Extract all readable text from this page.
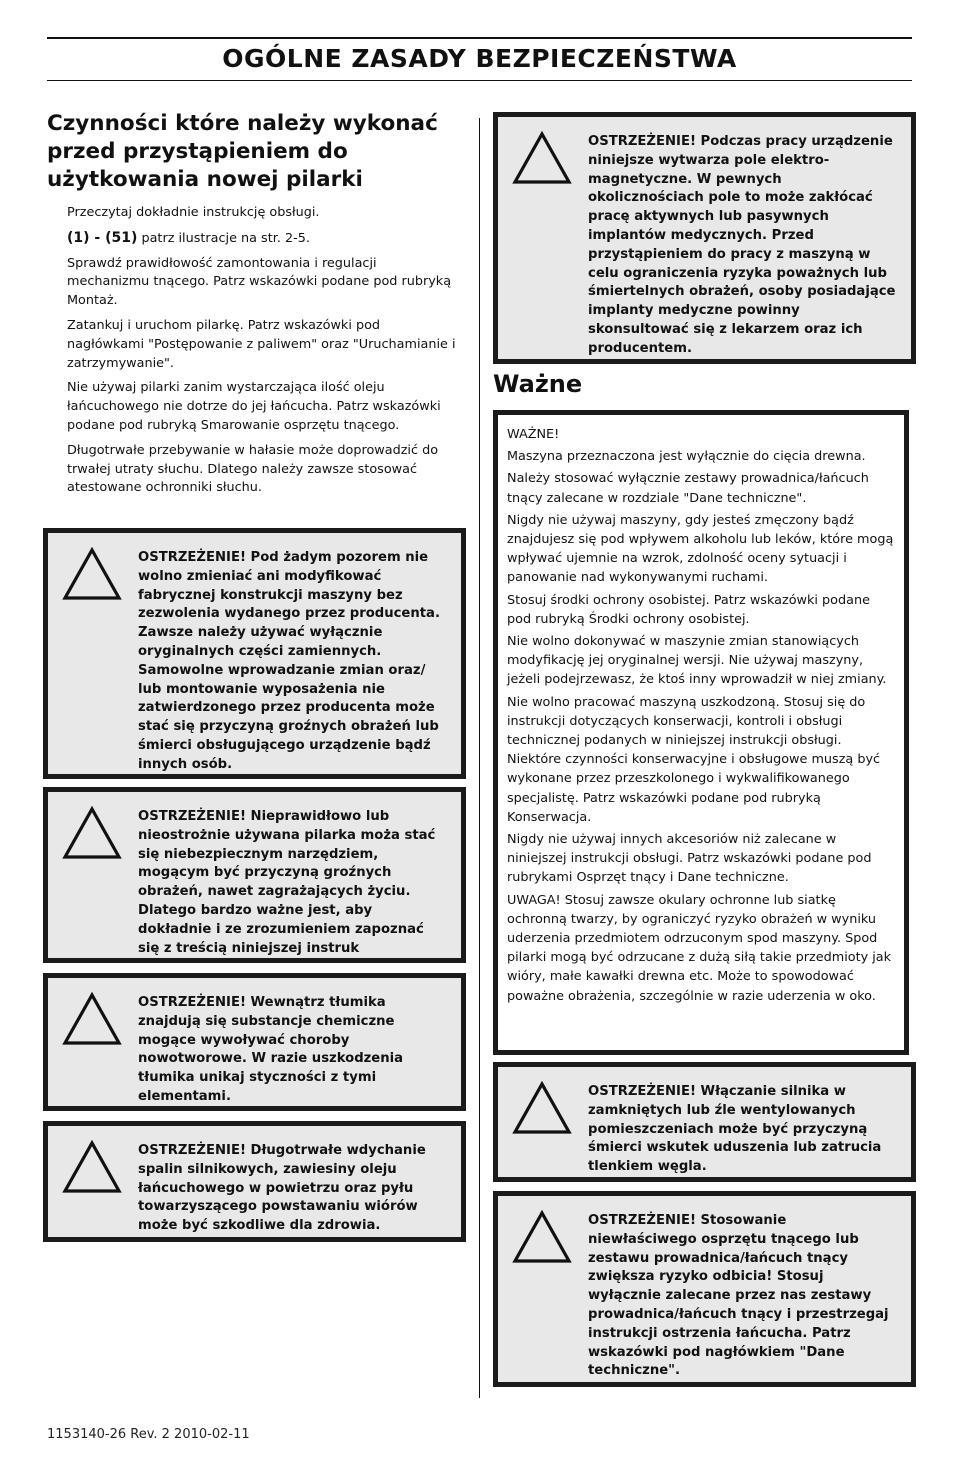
OGÓLNE ZASADY BEZPIECZEŃSTWA
Czynności które należy wykonać przed przystąpieniem do użytkowania nowej pilarki

Przeczytaj dokładnie instrukcję obsługi.

(1) - (51) patrz ilustracje na str. 2-5.

Sprawdź prawidłowość zamontowania i regulacji mechanizmu tnącego. Patrz wskazówki podane pod rubryką Montaż.

Zatankuj i uruchom pilarkę. Patrz wskazówki pod nagłówkami "Postępowanie z paliwem" oraz "Uruchamianie i zatrzymywanie".

Nie używaj pilarki zanim wystarczająca ilość oleju łańcuchowego nie dotrze do jej łańcucha. Patrz wskazówki podane pod rubryką Smarowanie osprzętu tnącego.

Długotrwałe przebywanie w hałasie może doprowadzić do trwałej utraty słuchu. Dlatego należy zawsze stosować atestowane ochronniki słuchu.

OSTRZEŻENIE! Pod żadym pozorem nie wolno zmieniać ani modyfikować fabrycznej konstrukcji maszyny bez zezwolenia wydanego przez producenta. Zawsze należy używać wyłącznie oryginalnych części zamiennych. Samowolne wprowadzanie zmian oraz/ lub montowanie wyposażenia nie zatwierdzonego przez producenta może stać się przyczyną groźnych obrażeń lub śmierci obsługującego urządzenie bądź innych osób.

OSTRZEŻENIE! Nieprawidłowo lub nieostrożnie używana pilarka moża stać się niebezpiecznym narzędziem, mogącym być przyczyną groźnych obrażeń, nawet zagrażających życiu. Dlatego bardzo ważne jest, aby dokładnie i ze zrozumieniem zapoznać się z treścią niniejszej instruk

OSTRZEŻENIE! Wewnątrz tłumika znajdują się substancje chemiczne mogące wywoływać choroby nowotworowe. W razie uszkodzenia tłumika unikaj styczności z tymi elementami.

OSTRZEŻENIE! Długotrwałe wdychanie spalin silnikowych, zawiesiny oleju łańcuchowego w powietrzu oraz pyłu towarzyszącego powstawaniu wiórów może być szkodliwe dla zdrowia.

OSTRZEŻENIE! Podczas pracy urządzenie niniejsze wytwarza pole elektro- magnetyczne. W pewnych okolicznościach pole to może zakłócać pracę aktywnych lub pasywnych implantów medycznych. Przed przystąpieniem do pracy z maszyną w celu ograniczenia ryzyka poważnych lub śmiertelnych obrażeń, osoby posiadające implanty medyczne powinny skonsultować się z lekarzem oraz ich producentem.

Ważne

WAŻNE!

Maszyna przeznaczona jest wyłącznie do cięcia drewna.

Należy stosować wyłącznie zestawy prowadnica/łańcuch tnący zalecane w rozdziale "Dane techniczne".

Nigdy nie używaj maszyny, gdy jesteś zmęczony bądź znajdujesz się pod wpływem alkoholu lub leków, które mogą wpływać ujemnie na wzrok, zdolność oceny sytuacji i panowanie nad wykonywanymi ruchami.

Stosuj środki ochrony osobistej. Patrz wskazówki podane pod rubryką Środki ochrony osobistej.

Nie wolno dokonywać w maszynie zmian stanowiących modyfikację jej oryginalnej wersji. Nie używaj maszyny, jeżeli podejrzewasz, że ktoś inny wprowadził w niej zmiany.

Nie wolno pracować maszyną uszkodzoną. Stosuj się do instrukcji dotyczących konserwacji, kontroli i obsługi technicznej podanych w niniejszej instrukcji obsługi. Niektóre czynności konserwacyjne i obsługowe muszą być wykonane przez przeszkolonego i wykwalifikowanego specjalistę. Patrz wskazówki podane pod rubryką Konserwacja.

Nigdy nie używaj innych akcesoriów niż zalecane w niniejszej instrukcji obsługi. Patrz wskazówki podane pod rubrykami Osprzęt tnący i Dane techniczne.

UWAGA! Stosuj zawsze okulary ochronne lub siatkę ochronną twarzy, by ograniczyć ryzyko obrażeń w wyniku uderzenia przedmiotem odrzuconym spod maszyny. Spod pilarki mogą być odrzucane z dużą siłą takie przedmioty jak wióry, małe kawałki drewna etc. Może to spowodować poważne obrażenia, szczególnie w razie uderzenia w oko.

OSTRZEŻENIE! Włączanie silnika w zamkniętych lub źle wentylowanych pomieszczeniach może być przyczyną śmierci wskutek uduszenia lub zatrucia tlenkiem węgla.

OSTRZEŻENIE! Stosowanie niewłaściwego osprzętu tnącego lub zestawu prowadnica/łańcuch tnący zwiększa ryzyko odbicia! Stosuj wyłącznie zalecane przez nas zestawy prowadnica/łańcuch tnący i przestrzegaj instrukcji ostrzenia łańcucha. Patrz wskazówki pod nagłówkiem "Dane techniczne".

1153140-26 Rev. 2 2010-02-11
